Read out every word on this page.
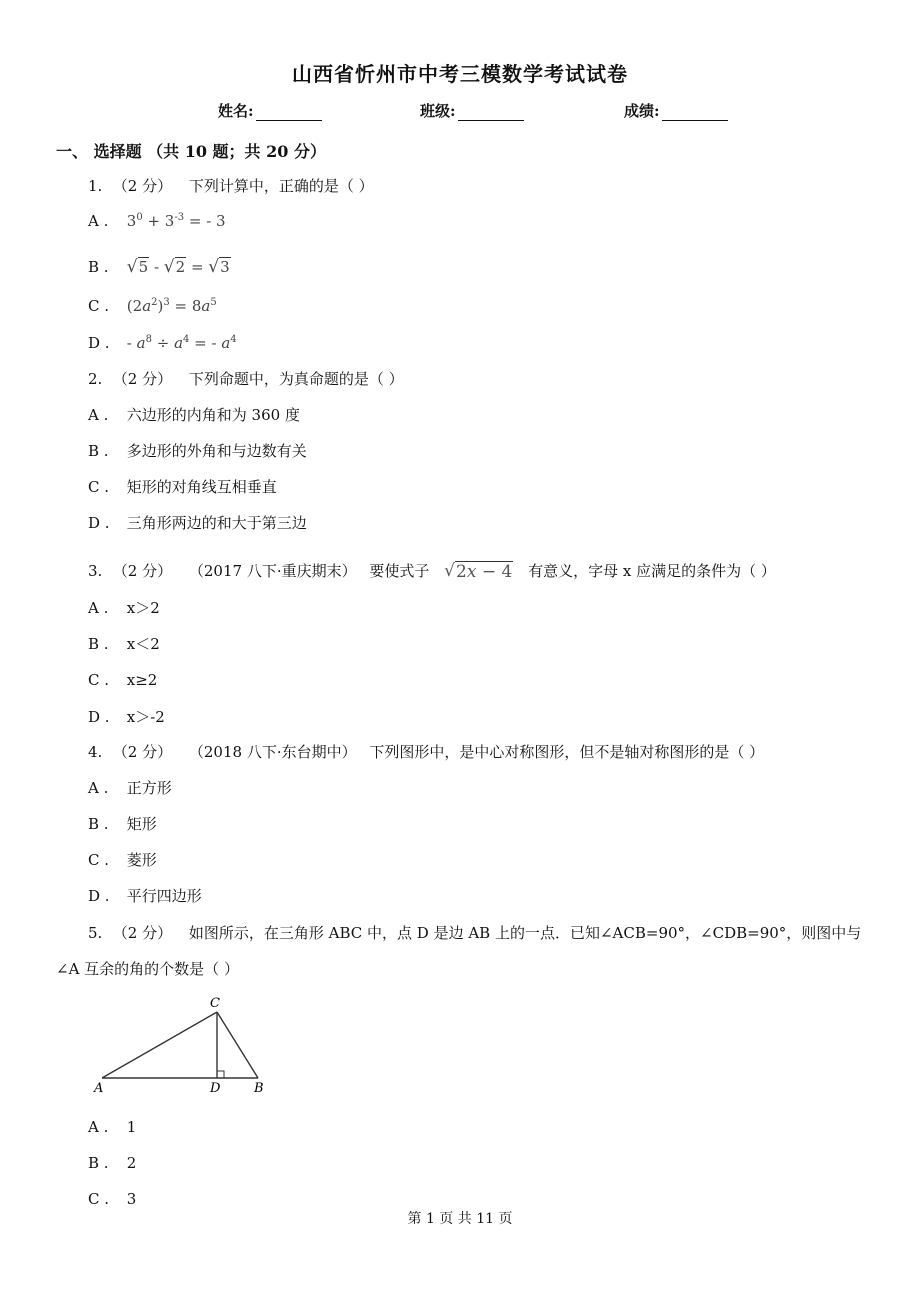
山西省忻州市中考三模数学考试试卷
姓名:	班级:	成绩:
一、 选择题 （共 10 题；共 20 分）
1. （2 分） 下列计算中，正确的是（ ）
A . $3^0 + 3^{-3}$ = - 3
B . √ 5 - √ 2 = √ 3
C . $(2a^2)^3 = 8a^5$
D . - $a^8 \div a^4$ = - $a^4$
2. （2 分） 下列命题中，为真命题的是（ ）
A . 六边形的内角和为 360 度
B . 多边形的外角和与边数有关
C . 矩形的对角线互相垂直
D . 三角形两边的和大于第三边
3. （2 分） （2017 八下·重庆期末） 要使式子 √ 2x − 4 有意义，字母 x 应满足的条件为（ ）
A . x＞2
B . x＜2
C . x≥2
D . x＞-2
4. （2 分） （2018 八下·东台期中） 下列图形中，是中心对称图形，但不是轴对称图形的是（ ）
A . 正方形
B . 矩形
C . 菱形
D . 平行四边形
5. （2 分） 如图所示，在三角形 ABC 中，点 D 是边 AB 上的一点．已知∠ACB=90°，∠CDB=90°，则图中与
∠A 互余的角的个数是（ ）
C
A	D	B
A . 1
B . 2
C . 3
第 1 页 共 11 页
